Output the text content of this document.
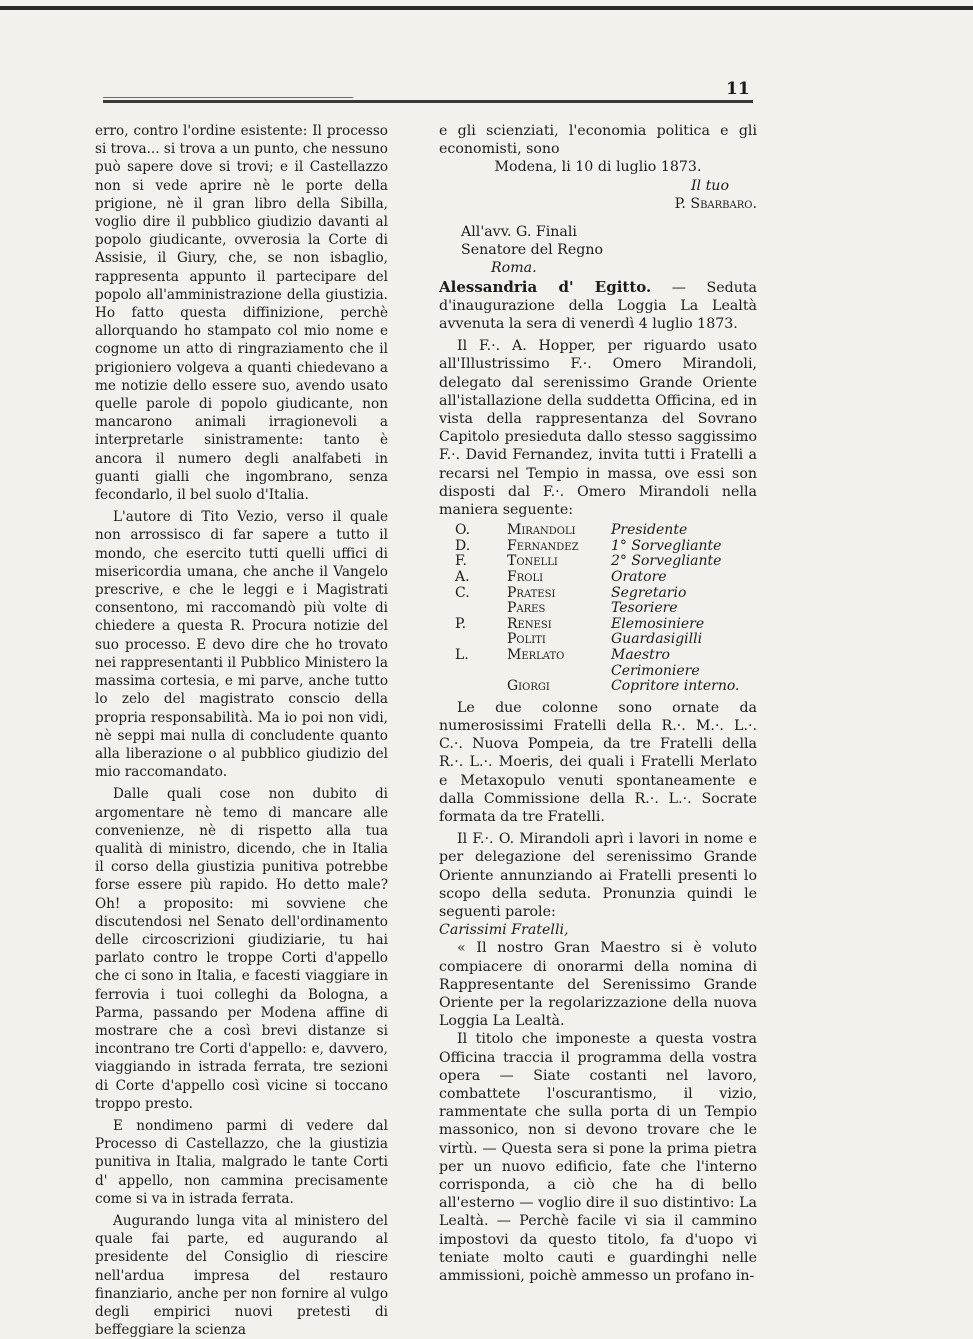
11

erro, contro l'ordine esistente: Il processo si trova... si trova a un punto, che nessuno può sapere dove si trovi; e il Castellazzo non si vede aprire nè le porte della prigione, nè il gran libro della Sibilla, voglio dire il pubblico giudizio davanti al popolo giudicante, ovverosia la Corte di Assisie, il Giury, che, se non isbaglio, rappresenta appunto il partecipare del popolo all'amministrazione della giustizia. Ho fatto questa diffinizione, perchè allorquando ho stampato col mio nome e cognome un atto di ringraziamento che il prigioniero volgeva a quanti chiedevano a me notizie dello essere suo, avendo usato quelle parole di popolo giudicante, non mancarono animali irragionevoli a interpretarle sinistramente: tanto è ancora il numero degli analfabeti in guanti gialli che ingombrano, senza fecondarlo, il bel suolo d'Italia.

L'autore di Tito Vezio, verso il quale non arrossisco di far sapere a tutto il mondo, che esercito tutti quelli uffici di misericordia umana, che anche il Vangelo prescrive, e che le leggi e i Magistrati consentono, mi raccomandò più volte di chiedere a questa R. Procura notizie del suo processo. E devo dire che ho trovato nei rappresentanti il Pubblico Ministero la massima cortesia, e mi parve, anche tutto lo zelo del magistrato conscio della propria responsabilità. Ma io poi non vidi, nè seppi mai nulla di concludente quanto alla liberazione o al pubblico giudizio del mio raccomandato.

Dalle quali cose non dubito di argomentare nè temo di mancare alle convenienze, nè di rispetto alla tua qualità di ministro, dicendo, che in Italia il corso della giustizia punitiva potrebbe forse essere più rapido. Ho detto male? Oh! a proposito: mi sovviene che discutendosi nel Senato dell'ordinamento delle circoscrizioni giudiziarie, tu hai parlato contro le troppe Corti d'appello che ci sono in Italia, e facesti viaggiare in ferrovia i tuoi colleghi da Bologna, a Parma, passando per Modena affine di mostrare che a così brevi distanze si incontrano tre Corti d'appello: e, davvero, viaggiando in istrada ferrata, tre sezioni di Corte d'appello così vicine si toccano troppo presto.

E nondimeno parmi di vedere dal Processo di Castellazzo, che la giustizia punitiva in Italia, malgrado le tante Corti d' appello, non cammina precisamente come si va in istrada ferrata.

Augurando lunga vita al ministero del quale fai parte, ed augurando al presidente del Consiglio di riescire nell'ardua impresa del restauro finanziario, anche per non fornire al vulgo degli empirici nuovi pretesti di beffeggiare la scienza

e gli scienziati, l'economia politica e gli economisti, sono

Modena, li 10 di luglio 1873.

Il tuo

P. Sbarbaro.

All'avv. G. Finali
Senatore del Regno
Roma.

Alessandria d' Egitto. — Seduta d'inaugurazione della Loggia La Lealtà avvenuta la sera di venerdì 4 luglio 1873.

Il F.·. A. Hopper, per riguardo usato all'Illustrissimo F.·. Omero Mirandoli, delegato dal serenissimo Grande Oriente all'istallazione della suddetta Officina, ed in vista della rappresentanza del Sovrano Capitolo presieduta dallo stesso saggissimo F.·. David Fernandez, invita tutti i Fratelli a recarsi nel Tempio in massa, ove essi son disposti dal F.·. Omero Mirandoli nella maniera seguente:

O.	Mirandoli	Presidente
D.	Fernandez	1° Sorvegliante
F.	Tonelli	2° Sorvegliante
A.	Froli	Oratore
C.	Pratesi	Segretario
	Pares	Tesoriere
P.	Renesi	Elemosiniere
	Politi	Guardasigilli
L.	Merlato	Maestro Cerimoniere
	Giorgi	Copritore interno.

Le due colonne sono ornate da numerosissimi Fratelli della R.·. M.·. L.·. C.·. Nuova Pompeia, da tre Fratelli della R.·. L.·. Moeris, dei quali i Fratelli Merlato e Metaxopulo venuti spontaneamente e dalla Commissione della R.·. L.·. Socrate formata da tre Fratelli.

Il F.·. O. Mirandoli aprì i lavori in nome e per delegazione del serenissimo Grande Oriente annunziando ai Fratelli presenti lo scopo della seduta. Pronunzia quindi le seguenti parole:

Carissimi Fratelli,

« Il nostro Gran Maestro si è voluto compiacere di onorarmi della nomina di Rappresentante del Serenissimo Grande Oriente per la regolarizzazione della nuova Loggia La Lealtà.

Il titolo che imponeste a questa vostra Officina traccia il programma della vostra opera — Siate costanti nel lavoro, combattete l'oscurantismo, il vizio, rammentate che sulla porta di un Tempio massonico, non si devono trovare che le virtù. — Questa sera si pone la prima pietra per un nuovo edificio, fate che l'interno corrisponda, a ciò che ha di bello all'esterno — voglio dire il suo distintivo: La Lealtà. — Perchè facile vi sia il cammino impostovi da questo titolo, fa d'uopo vi teniate molto cauti e guardinghi nelle ammissioni, poichè ammesso un profano in-
